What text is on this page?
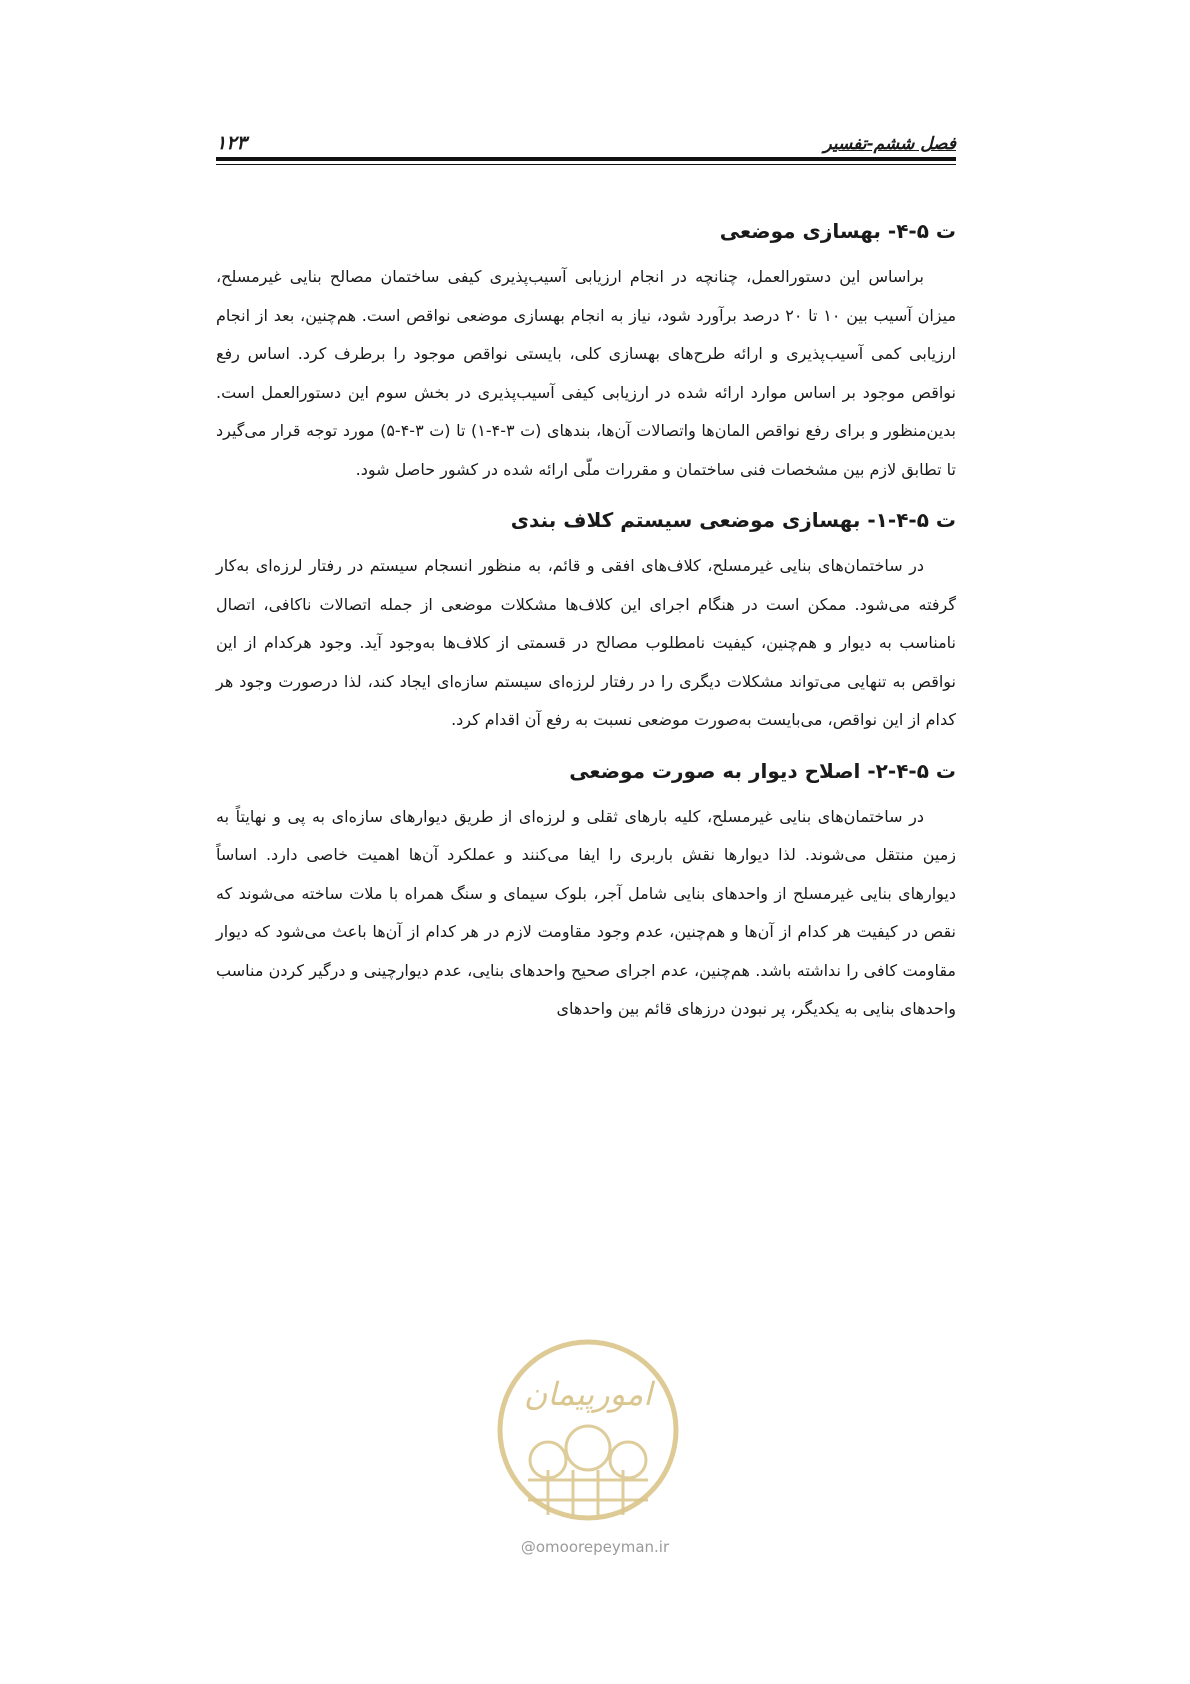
فصل ششم-تفسیر
۱۲۳
ت ۵-۴- بهسازی موضعی

براساس این دستورالعمل، چنانچه در انجام ارزیابی آسیب‌پذیری کیفی ساختمان مصالح بنایی غیرمسلح، میزان آسیب بین ۱۰ تا ۲۰ درصد برآورد شود، نیاز به انجام بهسازی موضعی نواقص است. هم‌چنین، بعد از انجام ارزیابی کمی آسیب‌پذیری و ارائه طرح‌های بهسازی کلی، بایستی نواقص موجود را برطرف کرد. اساس رفع نواقص موجود بر اساس موارد ارائه شده در ارزیابی کیفی آسیب‌پذیری در بخش سوم این دستورالعمل است. بدین‌منظور و برای رفع نواقص المان‌ها واتصالات آن‌ها، بندهای (ت ۳-۴-۱) تا (ت ۳-۴-۵) مورد توجه قرار می‌گیرد تا تطابق لازم بین مشخصات فنی ساختمان و مقررات ملّی ارائه شده در کشور حاصل شود.

ت ۵-۴-۱- بهسازی موضعی سیستم کلاف بندی

در ساختمان‌های بنایی غیرمسلح، کلاف‌های افقی و قائم، به منظور انسجام سیستم در رفتار لرزه‌ای به‌کار گرفته می‌شود. ممکن است در هنگام اجرای این کلاف‌ها مشکلات موضعی از جمله اتصالات ناکافی، اتصال نامناسب به دیوار و هم‌چنین، کیفیت نامطلوب مصالح در قسمتی از کلاف‌ها به‌وجود آید. وجود هرکدام از این نواقص به تنهایی می‌تواند مشکلات دیگری را در رفتار لرزه‌ای سیستم سازه‌ای ایجاد کند، لذا درصورت وجود هر کدام از این نواقص، می‌بایست به‌صورت موضعی نسبت به رفع آن اقدام کرد.

ت ۵-۴-۲- اصلاح دیوار به صورت موضعی

در ساختمان‌های بنایی غیرمسلح، کلیه بارهای ثقلی و لرزه‌ای از طریق دیوارهای سازه‌ای به پی و نهایتاً به زمین منتقل می‌شوند. لذا دیوارها نقش باربری را ایفا می‌کنند و عملکرد آن‌ها اهمیت خاصی دارد. اساساً دیوارهای بنایی غیرمسلح از واحدهای بنایی شامل آجر، بلوک سیمای و سنگ همراه با ملات ساخته می‌شوند که نقص در کیفیت هر کدام از آن‌ها و هم‌چنین، عدم وجود مقاومت لازم در هر کدام از آن‌ها باعث می‌شود که دیوار مقاومت کافی را نداشته باشد. هم‌چنین، عدم اجرای صحیح واحدهای بنایی، عدم دیوارچینی و درگیر کردن مناسب واحدهای بنایی به یکدیگر، پر نبودن درزهای قائم بین واحدهای

امورپیمان
@omoorepeyman.ir
